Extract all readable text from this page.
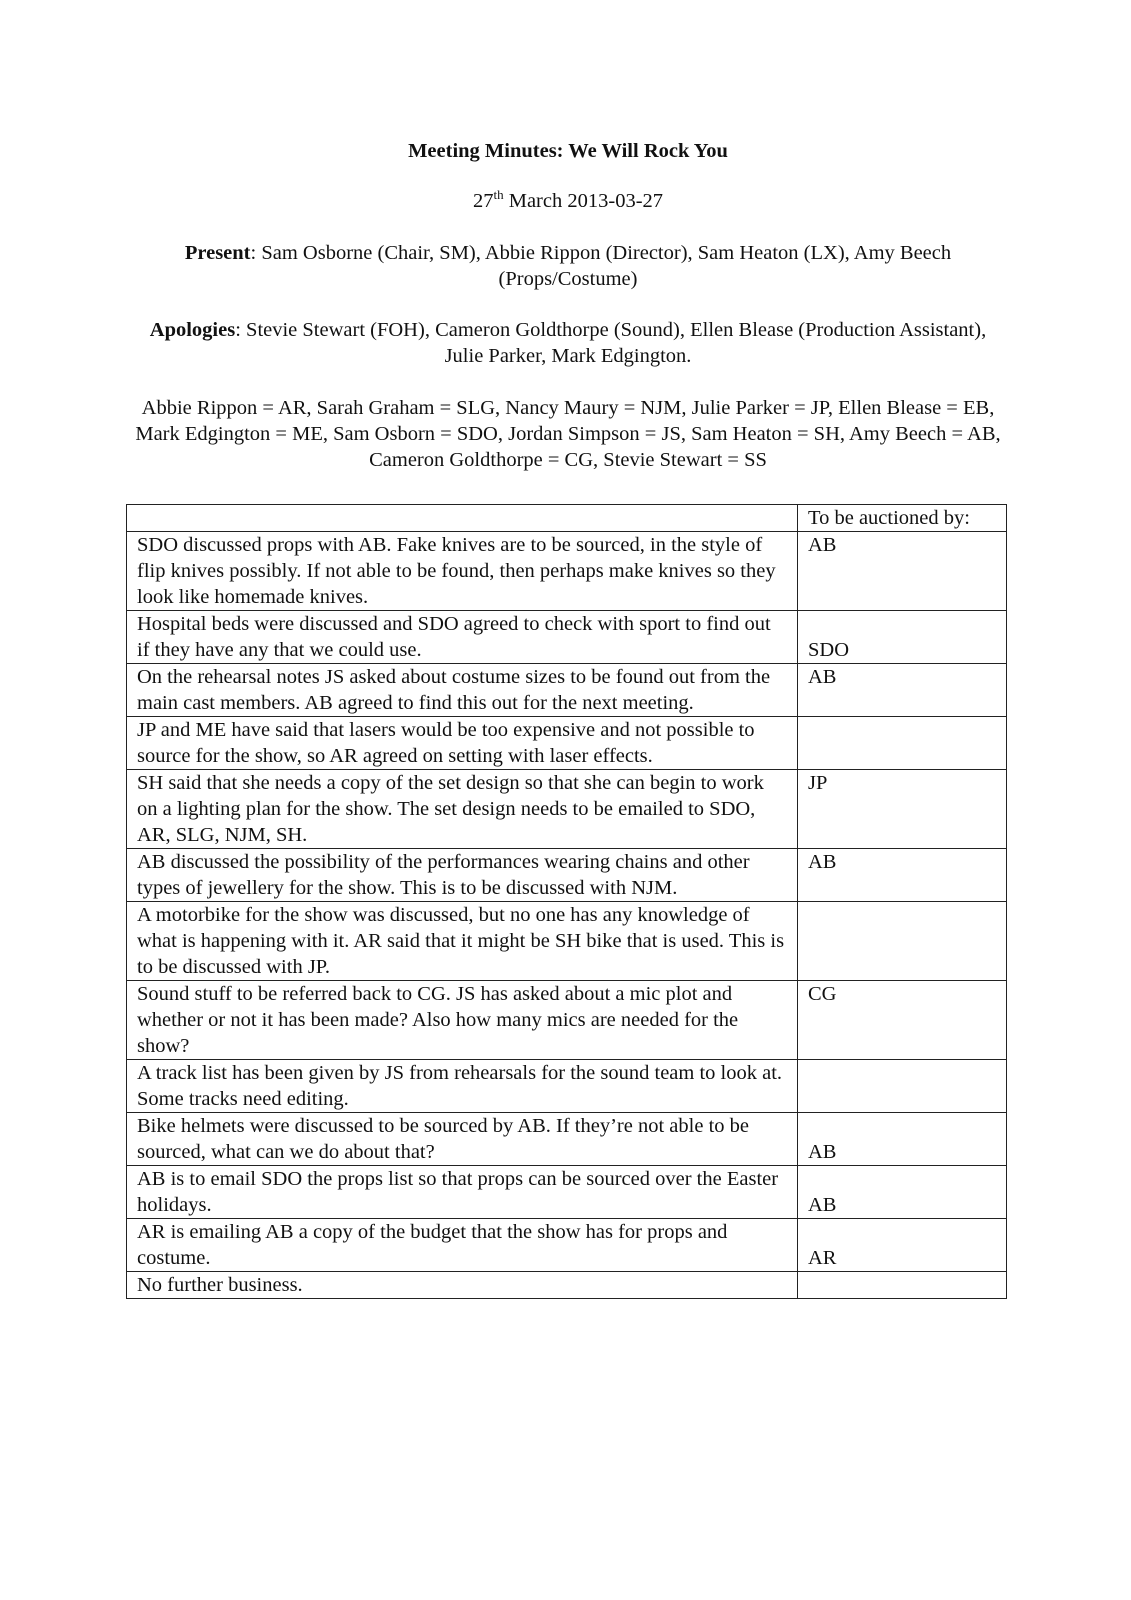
Meeting Minutes: We Will Rock You

27th March 2013-03-27

Present: Sam Osborne (Chair, SM), Abbie Rippon (Director), Sam Heaton (LX), Amy Beech (Props/Costume)

Apologies: Stevie Stewart (FOH), Cameron Goldthorpe (Sound), Ellen Blease (Production Assistant), Julie Parker, Mark Edgington.

Abbie Rippon = AR, Sarah Graham = SLG, Nancy Maury = NJM, Julie Parker = JP, Ellen Blease = EB, Mark Edgington = ME, Sam Osborn = SDO, Jordan Simpson = JS, Sam Heaton = SH, Amy Beech = AB, Cameron Goldthorpe = CG, Stevie Stewart = SS

	To be auctioned by:
SDO discussed props with AB. Fake knives are to be sourced, in the style of flip knives possibly. If not able to be found, then perhaps make knives so they look like homemade knives.	AB
Hospital beds were discussed and SDO agreed to check with sport to find out if they have any that we could use.	SDO
On the rehearsal notes JS asked about costume sizes to be found out from the main cast members. AB agreed to find this out for the next meeting.	AB
JP and ME have said that lasers would be too expensive and not possible to source for the show, so AR agreed on setting with laser effects.	
SH said that she needs a copy of the set design so that she can begin to work on a lighting plan for the show. The set design needs to be emailed to SDO, AR, SLG, NJM, SH.	JP
AB discussed the possibility of the performances wearing chains and other types of jewellery for the show. This is to be discussed with NJM.	AB
A motorbike for the show was discussed, but no one has any knowledge of what is happening with it. AR said that it might be SH bike that is used. This is to be discussed with JP.	
Sound stuff to be referred back to CG. JS has asked about a mic plot and whether or not it has been made? Also how many mics are needed for the show?	CG
A track list has been given by JS from rehearsals for the sound team to look at. Some tracks need editing.	
Bike helmets were discussed to be sourced by AB. If they’re not able to be sourced, what can we do about that?	AB
AB is to email SDO the props list so that props can be sourced over the Easter holidays.	AB
AR is emailing AB a copy of the budget that the show has for props and costume.	AR
No further business.	
